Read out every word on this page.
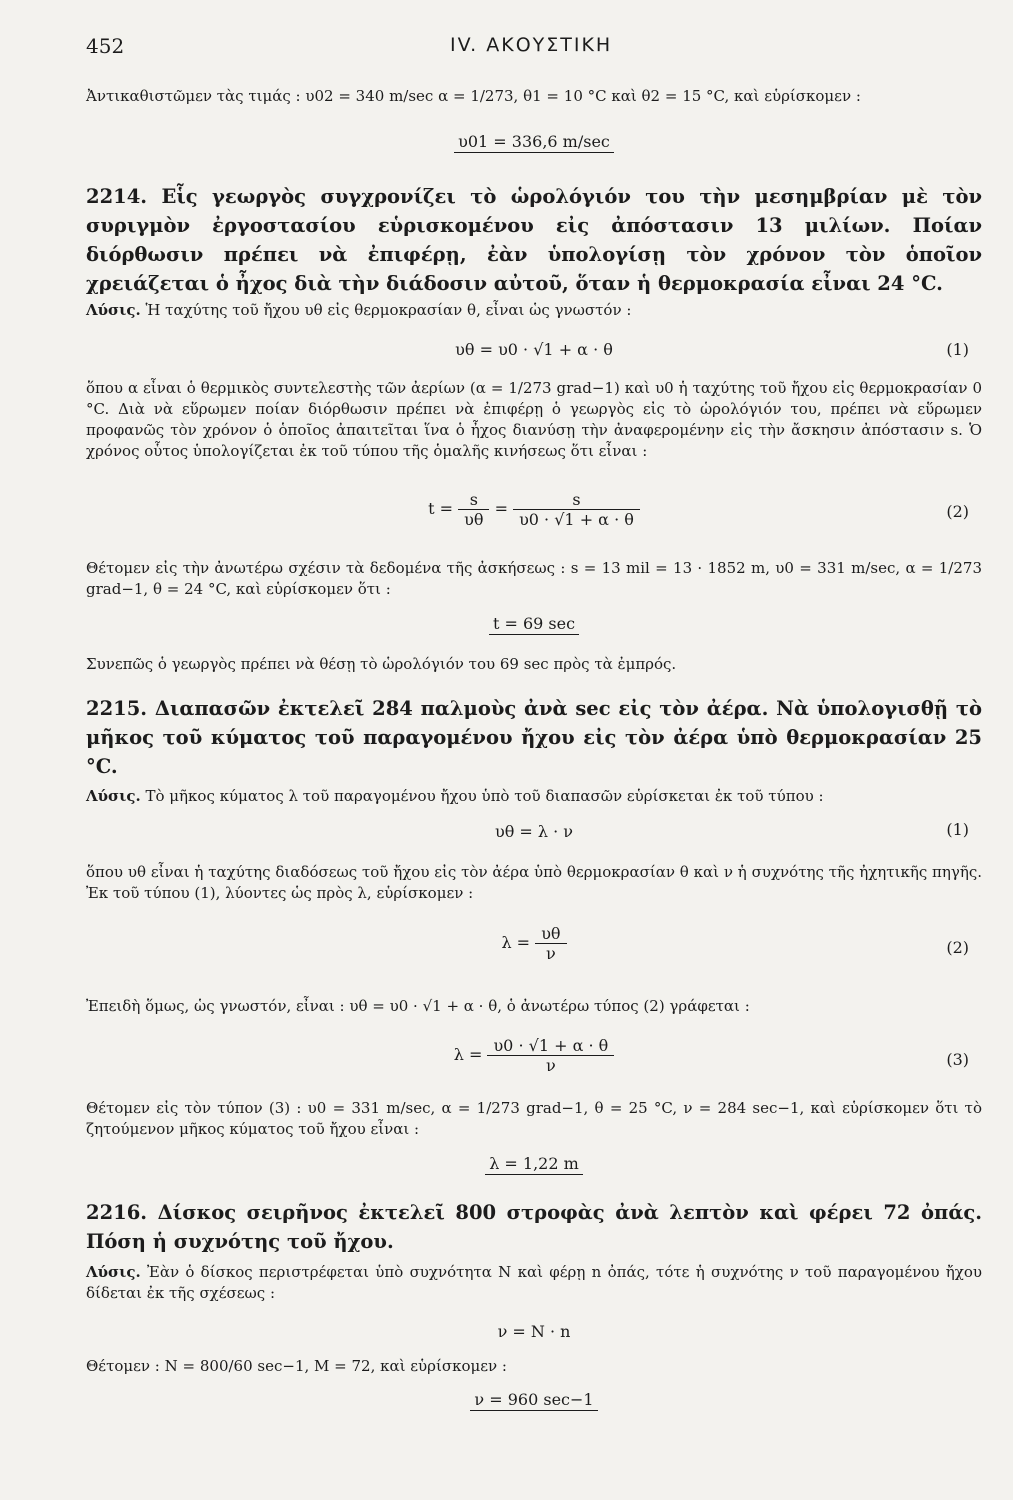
452	IV. ΑΚΟΥΣΤΙΚΗ
Ἀντικαθιστῶμεν τὰς τιμάς : υ02 = 340 m/sec α = 1/273, θ1 = 10 °C καὶ θ2 = 15 °C, καὶ εὑρίσκομεν :
υ01 = 336,6 m/sec
2214. Εἷς γεωργὸς συγχρονίζει τὸ ὡρολόγιόν του τὴν μεσημβρίαν μὲ τὸν συριγμὸν ἐργοστασίου εὑρισκομένου εἰς ἀπόστασιν 13 μιλίων. Ποίαν διόρθωσιν πρέπει νὰ ἐπιφέρῃ, ἐὰν ὑπολογίσῃ τὸν χρόνον τὸν ὁποῖον χρειάζεται ὁ ἦχος διὰ τὴν διάδοσιν αὐτοῦ, ὅταν ἡ θερμοκρασία εἶναι 24 °C.
Λύσις. Ἡ ταχύτης τοῦ ἤχου υθ εἰς θερμοκρασίαν θ, εἶναι ὡς γνωστόν :
υθ = υ0 · √1 + α · θ	(1)
ὅπου α εἶναι ὁ θερμικὸς συντελεστὴς τῶν ἀερίων (α = 1/273 grad−1) καὶ υ0 ἡ ταχύτης τοῦ ἤχου εἰς θερμοκρασίαν 0 °C. Διὰ νὰ εὕρωμεν ποίαν διόρθωσιν πρέπει νὰ ἐπιφέρῃ ὁ γεωργὸς εἰς τὸ ὡρολόγιόν του, πρέπει νὰ εὕρωμεν προφανῶς τὸν χρόνον ὁ ὁποῖος ἀπαιτεῖται ἵνα ὁ ἦχος διανύσῃ τὴν ἀναφερομένην εἰς τὴν ἄσκησιν ἀπόστασιν s. Ὁ χρόνος οὗτος ὑπολογίζεται ἐκ τοῦ τύπου τῆς ὁμαλῆς κινήσεως ὅτι εἶναι :
$t = \frac{s}{\upsilon\theta} = \frac{s}{\upsilon 0 \cdot √1 + \alpha \cdot \theta}$	(2)
Θέτομεν εἰς τὴν ἀνωτέρω σχέσιν τὰ δεδομένα τῆς ἀσκήσεως : s = 13 mil = 13 · 1852 m, υ0 = 331 m/sec, α = 1/273 grad−1, θ = 24 °C, καὶ εὑρίσκομεν ὅτι :
t = 69 sec
Συνεπῶς ὁ γεωργὸς πρέπει νὰ θέσῃ τὸ ὡρολόγιόν του 69 sec πρὸς τὰ ἐμπρός.
2215. Διαπασῶν ἐκτελεῖ 284 παλμοὺς ἀνὰ sec εἰς τὸν ἀέρα. Νὰ ὑπολογισθῇ τὸ μῆκος τοῦ κύματος τοῦ παραγομένου ἤχου εἰς τὸν ἀέρα ὑπὸ θερμοκρασίαν 25 °C.
Λύσις. Τὸ μῆκος κύματος λ τοῦ παραγομένου ἤχου ὑπὸ τοῦ διαπασῶν εὑρίσκεται ἐκ τοῦ τύπου :
υθ = λ · ν	(1)
ὅπου υθ εἶναι ἡ ταχύτης διαδόσεως τοῦ ἤχου εἰς τὸν ἀέρα ὑπὸ θερμοκρασίαν θ καὶ ν ἡ συχνότης τῆς ἠχητικῆς πηγῆς. Ἐκ τοῦ τύπου (1), λύοντες ὡς πρὸς λ, εὑρίσκομεν :
$\lambda = \frac{\upsilon\theta}{\nu}$	(2)
Ἐπειδὴ ὅμως, ὡς γνωστόν, εἶναι : υθ = υ0 · √1 + α · θ, ὁ ἀνωτέρω τύπος (2) γράφεται :
$\lambda = \frac{\upsilon 0 \cdot √1 + \alpha \cdot \theta}{\nu}$	(3)
Θέτομεν εἰς τὸν τύπον (3) : υ0 = 331 m/sec, α = 1/273 grad−1, θ = 25 °C, ν = 284 sec−1, καὶ εὑρίσκομεν ὅτι τὸ ζητούμενον μῆκος κύματος τοῦ ἤχου εἶναι :
λ = 1,22 m
2216. Δίσκος σειρῆνος ἐκτελεῖ 800 στροφὰς ἀνὰ λεπτὸν καὶ φέρει 72 ὀπάς. Πόση ἡ συχνότης τοῦ ἤχου.
Λύσις. Ἐὰν ὁ δίσκος περιστρέφεται ὑπὸ συχνότητα N καὶ φέρῃ n ὀπάς, τότε ἡ συχνότης ν τοῦ παραγομένου ἤχου δίδεται ἐκ τῆς σχέσεως :
ν = N · n
Θέτομεν : N = 800/60 sec−1, M = 72, καὶ εὑρίσκομεν :
ν = 960 sec−1
